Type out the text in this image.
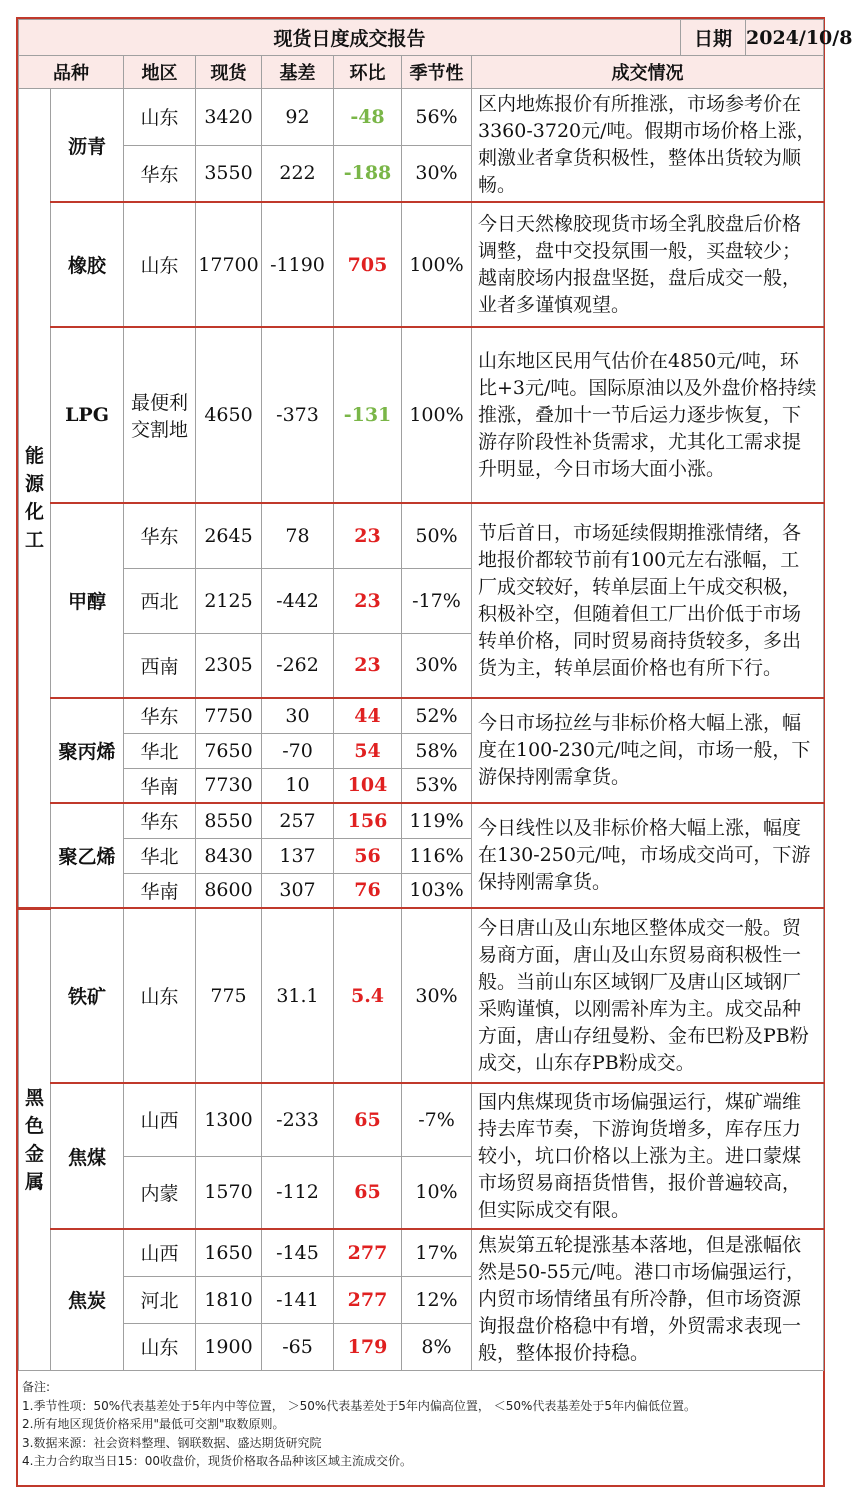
现货日度成交报告								日期	2024/10/8
品种		地区	现货	基差	环比	季节性	成交情况		

能
源
化
工	沥青	山东	3420	92	-48	56%	区内地炼报价有所推涨，市场参考价在3360-3720元/吨。假期市场价格上涨，刺激业者拿货积极性，整体出货较为顺畅。		
		华东	3550	222	-188	30%			
	橡胶	山东	17700	-1190	705	100%	今日天然橡胶现货市场全乳胶盘后价格调整，盘中交投氛围一般，买盘较少；越南胶场内报盘坚挺，盘后成交一般，业者多谨慎观望。		
	LPG	最便利交割地	4650	-373	-131	100%	山东地区民用气估价在4850元/吨，环比+3元/吨。国际原油以及外盘价格持续推涨，叠加十一节后运力逐步恢复，下游存阶段性补货需求，尤其化工需求提升明显，今日市场大面小涨。		
	甲醇	华东	2645	78	23	50%	节后首日，市场延续假期推涨情绪，各地报价都较节前有100元左右涨幅，工厂成交较好，转单层面上午成交积极，积极补空，但随着但工厂出价低于市场转单价格，同时贸易商持货较多，多出货为主，转单层面价格也有所下行。		
		西北	2125	-442	23	-17%			
		西南	2305	-262	23	30%			
	聚丙烯	华东	7750	30	44	52%	今日市场拉丝与非标价格大幅上涨，幅度在100-230元/吨之间，市场一般，下游保持刚需拿货。		
		华北	7650	-70	54	58%			
		华南	7730	10	104	53%			
	聚乙烯	华东	8550	257	156	119%	今日线性以及非标价格大幅上涨，幅度在130-250元/吨，市场成交尚可，下游保持刚需拿货。		
		华北	8430	137	56	116%			
		华南	8600	307	76	103%			

黑
色
金
属	铁矿	山东	775	31.1	5.4	30%	今日唐山及山东地区整体成交一般。贸易商方面，唐山及山东贸易商积极性一般。当前山东区域钢厂及唐山区域钢厂采购谨慎，以刚需补库为主。成交品种方面，唐山存纽曼粉、金布巴粉及PB粉成交，山东存PB粉成交。		
	焦煤	山西	1300	-233	65	-7%	国内焦煤现货市场偏强运行，煤矿端维持去库节奏，下游询货增多，库存压力较小，坑口价格以上涨为主。进口蒙煤市场贸易商捂货惜售，报价普遍较高，但实际成交有限。		
		内蒙	1570	-112	65	10%			
	焦炭	山西	1650	-145	277	17%	焦炭第五轮提涨基本落地，但是涨幅依然是50-55元/吨。港口市场偏强运行，内贸市场情绪虽有所冷静，但市场资源询报盘价格稳中有增，外贸需求表现一般，整体报价持稳。		
		河北	1810	-141	277	12%			
		山东	1900	-65	179	8%			
备注:
1.季节性项：50%代表基差处于5年内中等位置， ＞50%代表基差处于5年内偏高位置， ＜50%代表基差处于5年内偏低位置。
2.所有地区现货价格采用"最低可交割"取数原则。
3.数据来源：社会资料整理、钢联数据、盛达期货研究院
4.主力合约取当日15：00收盘价，现货价格取各品种该区域主流成交价。
